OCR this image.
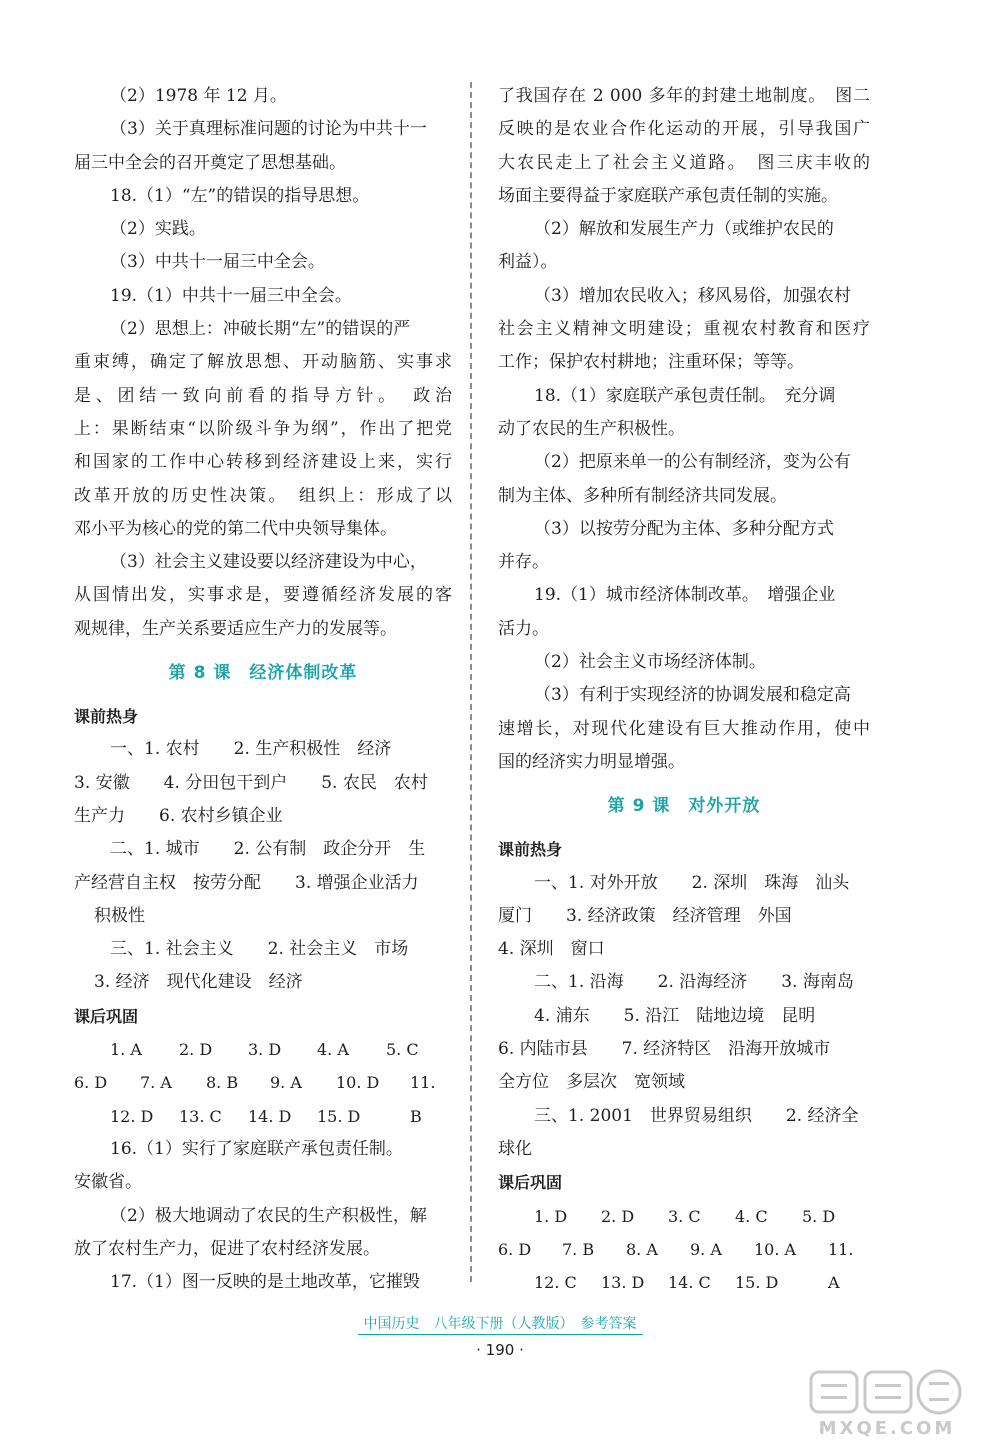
（2）1978 年 12 月。
（3）关于真理标准问题的讨论为中共十一
届三中全会的召开奠定了思想基础。
18.（1）“左”的错误的指导思想。
（2）实践。
（3）中共十一届三中全会。
19.（1）中共十一届三中全会。
（2）思想上：冲破长期“左”的错误的严
重束缚，确定了解放思想、开动脑筋、实事求
是、团结一致向前看的指导方针。　政治
上：果断结束“以阶级斗争为纲”，作出了把党
和国家的工作中心转移到经济建设上来，实行
改革开放的历史性决策。　组织上：形成了以
邓小平为核心的党的第二代中央领导集体。
（3）社会主义建设要以经济建设为中心，
从国情出发，实事求是，要遵循经济发展的客
观规律，生产关系要适应生产力的发展等。
第 8 课　经济体制改革
课前热身
一、1. 农村　　2. 生产积极性　经济
3. 安徽　　4. 分田包干到户　　5. 农民　农村
生产力　　6. 农村乡镇企业
二、1. 城市　　2. 公有制　政企分开　生
产经营自主权　按劳分配　　3. 增强企业活力
积极性
三、1. 社会主义　　2. 社会主义　市场
3. 经济　现代化建设　经济
课后巩固
1. A	2. D	3. D	4. A	5. C
6. D	7. A	8. B	9. A	10. D	11. B
12. D	13. C	14. D	15. D
16.（1）实行了家庭联产承包责任制。
安徽省。
（2）极大地调动了农民的生产积极性，解
放了农村生产力，促进了农村经济发展。
17.（1）图一反映的是土地改革，它摧毁
了我国存在 2 000 多年的封建土地制度。　图二
反映的是农业合作化运动的开展，引导我国广
大农民走上了社会主义道路。　图三庆丰收的
场面主要得益于家庭联产承包责任制的实施。
（2）解放和发展生产力（或维护农民的
利益）。
（3）增加农民收入；移风易俗，加强农村
社会主义精神文明建设；重视农村教育和医疗
工作；保护农村耕地；注重环保；等等。
18.（1）家庭联产承包责任制。　充分调
动了农民的生产积极性。
（2）把原来单一的公有制经济，变为公有
制为主体、多种所有制经济共同发展。
（3）以按劳分配为主体、多种分配方式
并存。
19.（1）城市经济体制改革。　增强企业
活力。
（2）社会主义市场经济体制。
（3）有利于实现经济的协调发展和稳定高
速增长，对现代化建设有巨大推动作用，使中
国的经济实力明显增强。
第 9 课　对外开放
课前热身
一、1. 对外开放　　2. 深圳　珠海　汕头
厦门　　3. 经济政策　经济管理　外国
4. 深圳　窗口
二、1. 沿海　　2. 沿海经济　　3. 海南岛
4. 浦东　　5. 沿江　陆地边境　昆明
6. 内陆市县　　7. 经济特区　沿海开放城市
全方位　多层次　宽领域
三、1. 2001　世界贸易组织　　2. 经济全
球化
课后巩固
1. D	2. D	3. C	4. C	5. D
6. D	7. B	8. A	9. A	10. A	11. A
12. C	13. D	14. C	15. D
中国历史　八年级下册（人教版）　参考答案
· 190 ·
MXQE.COM
